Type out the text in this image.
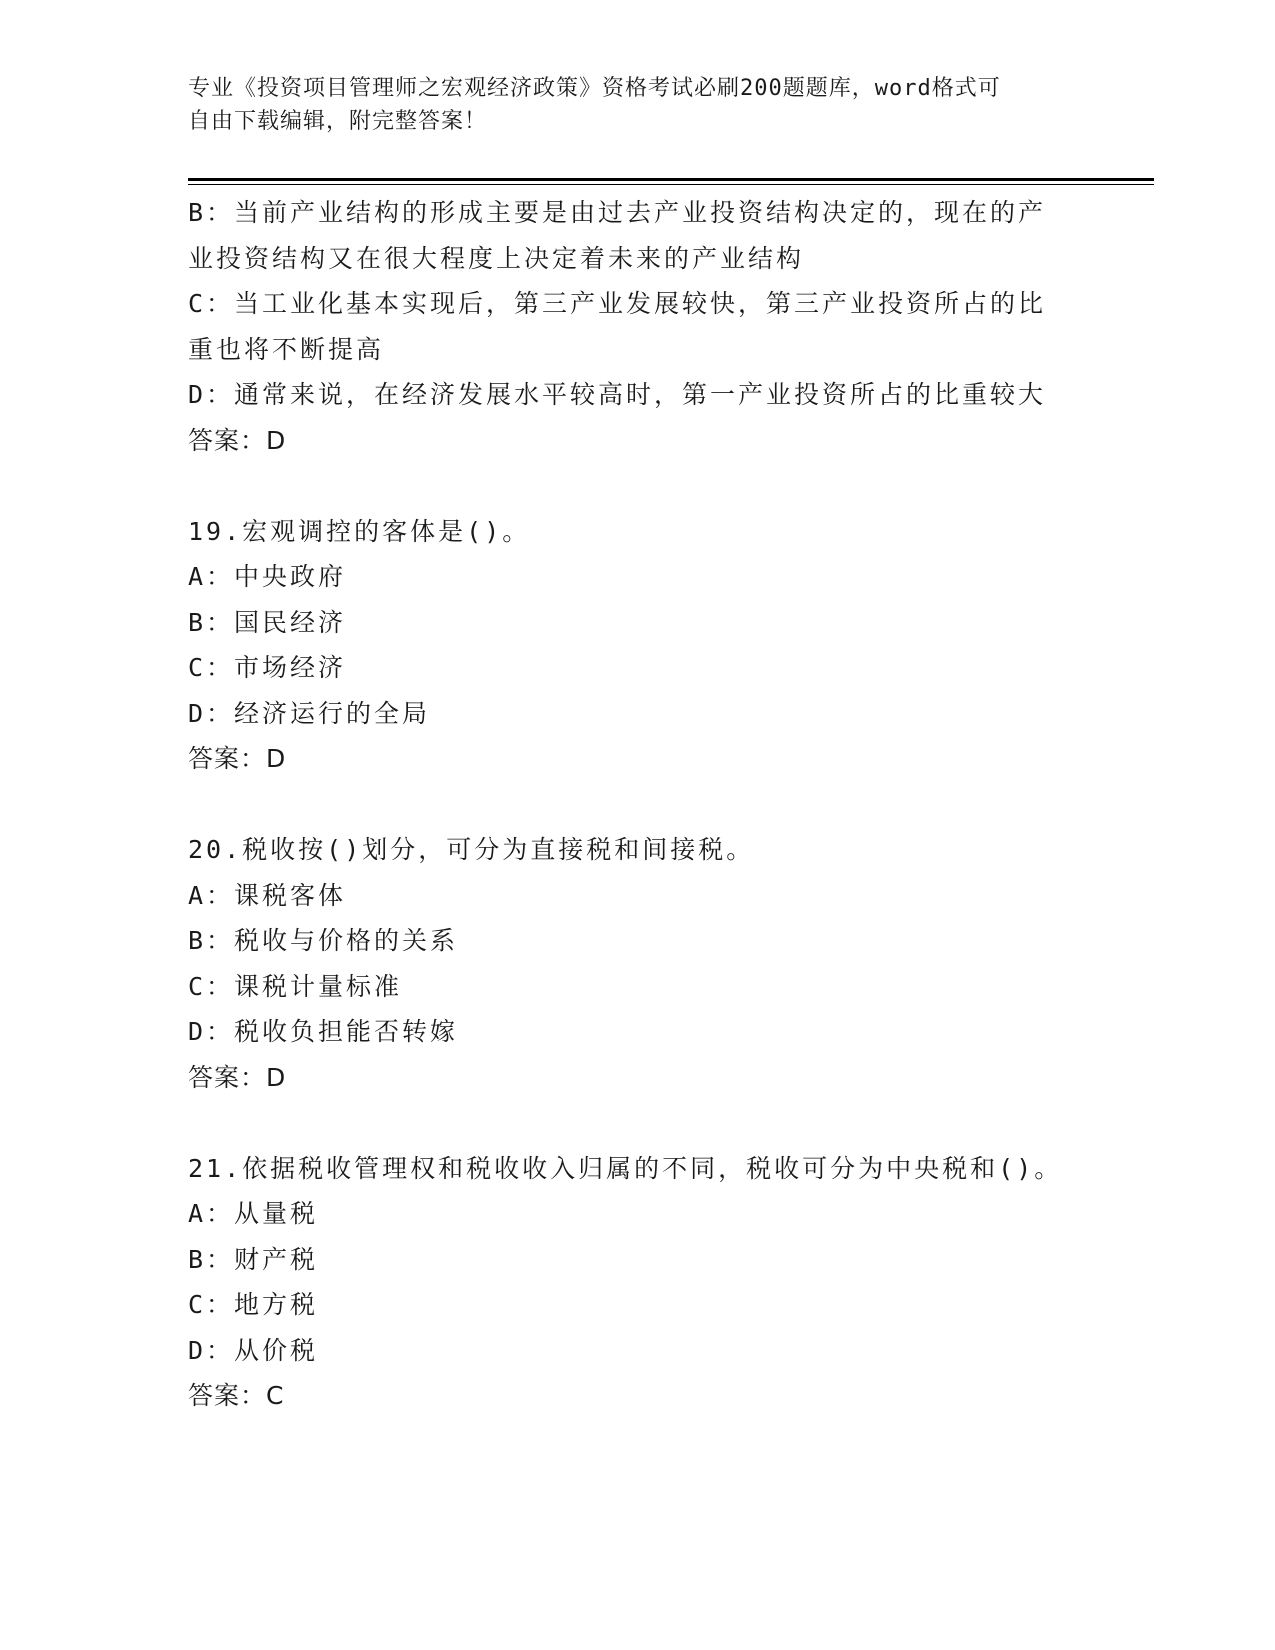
专业《投资项目管理师之宏观经济政策》资格考试必刷200题题库，word格式可
自由下载编辑，附完整答案！
B：当前产业结构的形成主要是由过去产业投资结构决定的，现在的产
业投资结构又在很大程度上决定着未来的产业结构
C：当工业化基本实现后，第三产业发展较快，第三产业投资所占的比
重也将不断提高
D：通常来说，在经济发展水平较高时，第一产业投资所占的比重较大
答案：D
19.宏观调控的客体是()。
A：中央政府
B：国民经济
C：市场经济
D：经济运行的全局
答案：D
20.税收按()划分，可分为直接税和间接税。
A：课税客体
B：税收与价格的关系
C：课税计量标准
D：税收负担能否转嫁
答案：D
21.依据税收管理权和税收收入归属的不同，税收可分为中央税和()。
A：从量税
B：财产税
C：地方税
D：从价税
答案：C
